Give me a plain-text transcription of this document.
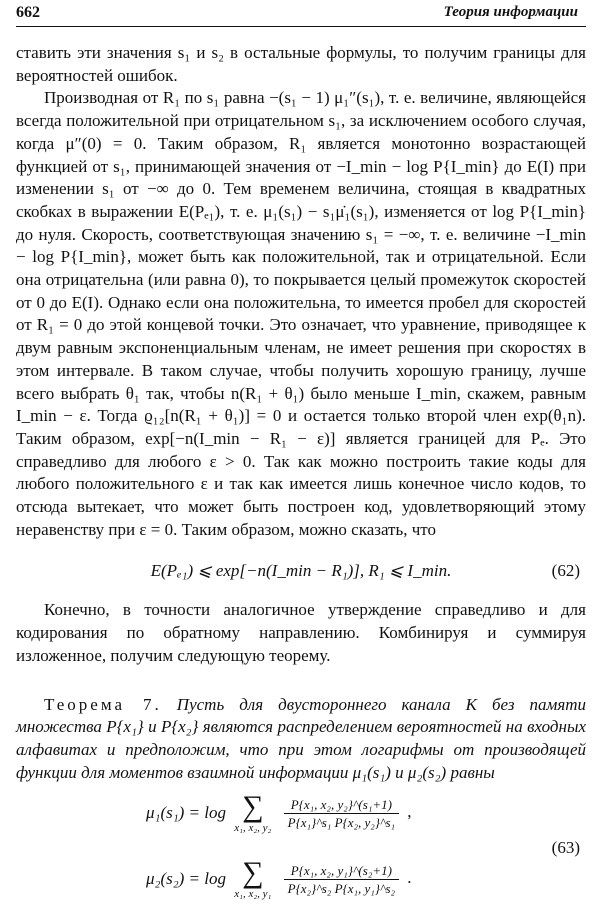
662	Теория информации

ставить эти значения s₁ и s₂ в остальные формулы, то получим границы для вероятностей ошибок.

Производная от R₁ по s₁ равна −(s₁ − 1) μ₁″(s₁), т. е. величине, являющейся всегда положительной при отрицательном s₁, за исключением особого случая, когда μ″(0) = 0. Таким образом, R₁ является монотонно возрастающей функцией от s₁, принимающей значения от −I_min − log P{I_min} до E(I) при изменении s₁ от −∞ до 0. Тем временем величина, стоящая в квадратных скобках в выражении E(Pₑ₁), т. е. μ₁(s₁) − s₁μ̇₁(s₁), изменяется от log P{I_min} до нуля. Скорость, соответствующая значению s₁ = −∞, т. е. величине −I_min − log P{I_min}, может быть как положительной, так и отрицательной. Если она отрицательна (или равна 0), то покрывается целый промежуток скоростей от 0 до E(I). Однако если она положительна, то имеется пробел для скоростей от R₁ = 0 до этой концевой точки. Это означает, что уравнение, приводящее к двум равным экспоненциальным членам, не имеет решения при скоростях в этом интервале. В таком случае, чтобы получить хорошую границу, лучше всего выбрать θ₁ так, чтобы n(R₁ + θ₁) было меньше I_min, скажем, равным I_min − ε. Тогда ϱ₁₂[n(R₁ + θ₁)] = 0 и остается только второй член exp(θ₁n). Таким образом, exp[−n(I_min − R₁ − ε)] является границей для Pₑ. Это справедливо для любого ε > 0. Так как можно построить такие коды для любого положительного ε и так как имеется лишь конечное число кодов, то отсюда вытекает, что может быть построен код, удовлетворяющий этому неравенству при ε = 0. Таким образом, можно сказать, что

E(Pₑ₁) ⩽ exp[−n(I_min − R₁)], R₁ ⩽ I_min.	(62)

Конечно, в точности аналогичное утверждение справедливо и для кодирования по обратному направлению. Комбинируя и суммируя изложенное, получим следующую теорему.

Теорема 7. Пусть для двустороннего канала K без памяти множества P{x₁} и P{x₂} являются распределением вероятностей на входных алфавитах и предположим, что при этом логарифмы от производящей функции для моментов взаимной информации μ₁(s₁) и μ₂(s₂) равны

μ₁(s₁) = log ∑
x₁, x₂, y₂
$\frac{\text{P\{x₁, x₂, y₂\}\textasciicircum{}(s₁+1)}}{\text{P\{x₁\}\textasciicircum{}s₁ P\{x₂, y₂\}\textasciicircum{}s₁}}$ ,
μ₂(s₂) = log ∑
x₁, x₂, y₁
$\frac{\text{P\{x₁, x₂, y₁\}\textasciicircum{}(s₂+1)}}{\text{P\{x₂\}\textasciicircum{}s₂ P\{x₁, y₁\}\textasciicircum{}s₂}}$ .
(63)
